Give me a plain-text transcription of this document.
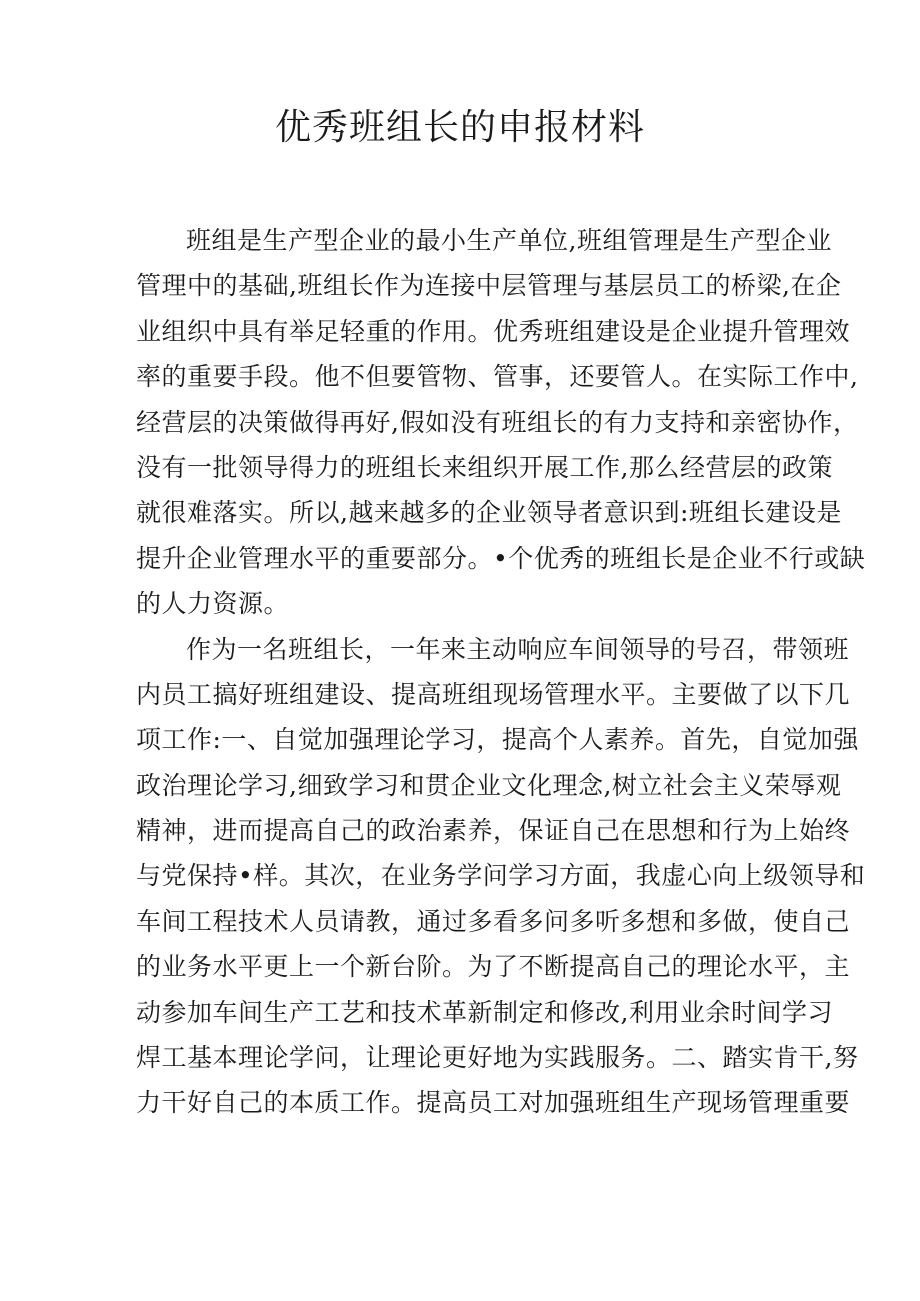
优秀班组长的申报材料
班组是生产型企业的最小生产单位,班组管理是生产型企业
管理中的基础,班组长作为连接中层管理与基层员工的桥梁,在企
业组织中具有举足轻重的作用。优秀班组建设是企业提升管理效
率的重要手段。他不但要管物、管事，还要管人。在实际工作中,
经营层的决策做得再好,假如没有班组长的有力支持和亲密协作，
没有一批领导得力的班组长来组织开展工作,那么经营层的政策
就很难落实。所以,越来越多的企业领导者意识到:班组长建设是
提升企业管理水平的重要部分。•个优秀的班组长是企业不行或缺
的人力资源。
作为一名班组长，一年来主动响应车间领导的号召，带领班
内员工搞好班组建设、提高班组现场管理水平。主要做了以下几
项工作:一、自觉加强理论学习，提高个人素养。首先，自觉加强
政治理论学习,细致学习和贯企业文化理念,树立社会主义荣辱观
精神，进而提高自己的政治素养，保证自己在思想和行为上始终
与党保持•样。其次，在业务学问学习方面，我虚心向上级领导和
车间工程技术人员请教，通过多看多问多听多想和多做，使自己
的业务水平更上一个新台阶。为了不断提高自己的理论水平，主
动参加车间生产工艺和技术革新制定和修改,利用业余时间学习
焊工基本理论学问，让理论更好地为实践服务。二、踏实肯干,努
力干好自己的本质工作。提高员工对加强班组生产现场管理重要
